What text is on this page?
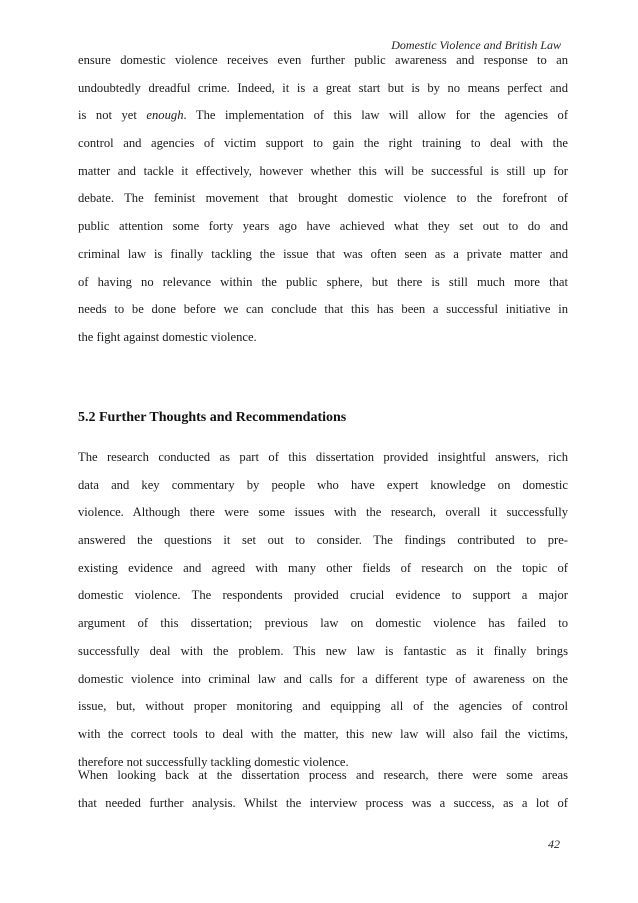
Domestic Violence and British Law
ensure domestic violence receives even further public awareness and response to an
undoubtedly dreadful crime. Indeed, it is a great start but is by no means perfect and
is not yet enough. The implementation of this law will allow for the agencies of
control and agencies of victim support to gain the right training to deal with the
matter and tackle it effectively, however whether this will be successful is still up for
debate. The feminist movement that brought domestic violence to the forefront of
public attention some forty years ago have achieved what they set out to do and
criminal law is finally tackling the issue that was often seen as a private matter and
of having no relevance within the public sphere, but there is still much more that
needs to be done before we can conclude that this has been a successful initiative in
the fight against domestic violence.
5.2 Further Thoughts and Recommendations
The research conducted as part of this dissertation provided insightful answers, rich
data and key commentary by people who have expert knowledge on domestic
violence. Although there were some issues with the research, overall it successfully
answered the questions it set out to consider. The findings contributed to pre-
existing evidence and agreed with many other fields of research on the topic of
domestic violence. The respondents provided crucial evidence to support a major
argument of this dissertation; previous law on domestic violence has failed to
successfully deal with the problem. This new law is fantastic as it finally brings
domestic violence into criminal law and calls for a different type of awareness on the
issue, but, without proper monitoring and equipping all of the agencies of control
with the correct tools to deal with the matter, this new law will also fail the victims,
therefore not successfully tackling domestic violence.
When looking back at the dissertation process and research, there were some areas
that needed further analysis. Whilst the interview process was a success, as a lot of
42
